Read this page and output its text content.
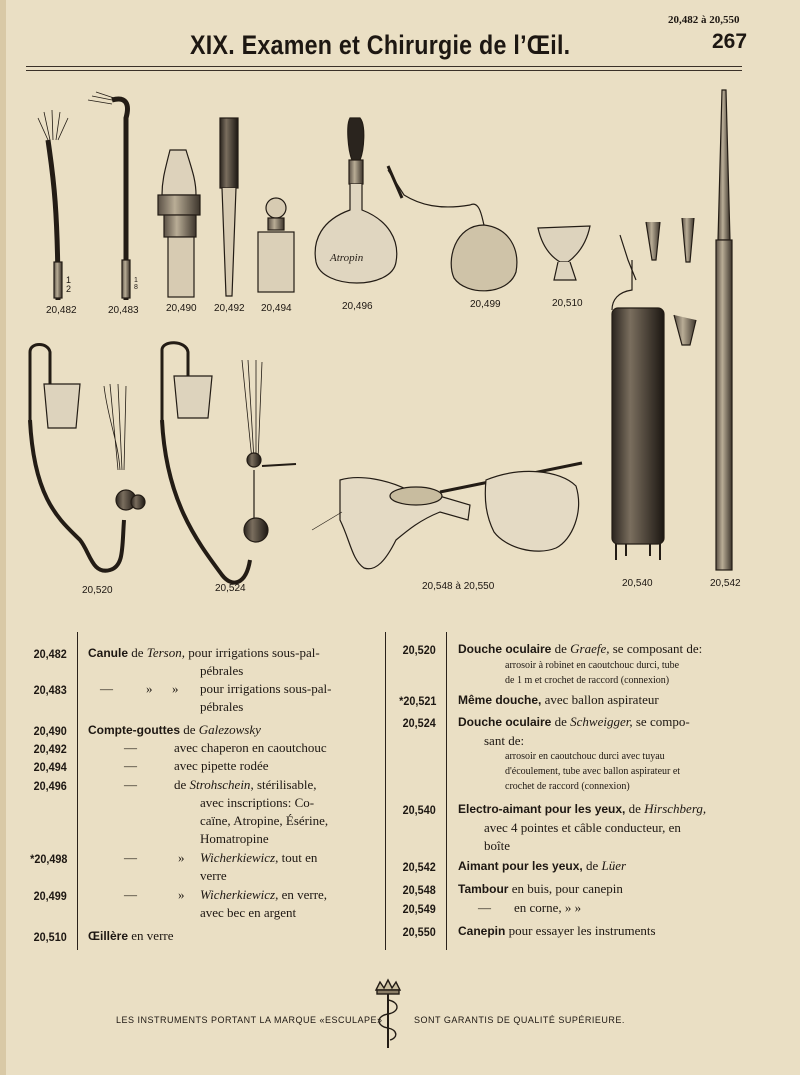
20,482 à 20,550
XIX. Examen et Chirurgie de l’Œil.	267
Atropin
20,482
1
2
20,483
1
8
20,490 20,492 20,494	20,496	20,499	20,510
20,520	20,524	20,548 à 20,550	20,540	20,542
20,482 Canule de Terson, pour irrigations sous-pal-
pébrales
20,483	—	» » pour irrigations sous-pal-
pébrales
20,490 Compte-gouttes de Galezowsky
20,492	—	avec chaperon en caoutchouc
20,494	—	avec pipette rodée
20,496	—	de Strohschein, stérilisable,
avec inscriptions: Co-
caïne, Atropine, Ésérine,
Homatropine
*20,498	—	» Wicherkiewicz, tout en
verre
20,499	—	» Wicherkiewicz, en verre,
avec bec en argent
20,510 Œillère en verre
20,520 Douche oculaire de Graefe, se composant de:
arrosoir à robinet en caoutchouc durci, tube
de 1 m et crochet de raccord (connexion)
*20,521 Même douche, avec ballon aspirateur
20,524 Douche oculaire de Schweigger, se compo-
sant de:
arrosoir en caoutchouc durci avec tuyau
d'écoulement, tube avec ballon aspirateur et
crochet de raccord (connexion)
20,540 Electro-aimant pour les yeux, de Hirschberg,
avec 4 pointes et câble conducteur, en
boîte
20,542 Aimant pour les yeux, de Lüer
20,548 Tambour en buis, pour canepin
20,549	— en corne, » »
20,550 Canepin pour essayer les instruments
LES INSTRUMENTS PORTANT LA MARQUE «ESCULAPE»	SONT GARANTIS DE QUALITÉ SUPÉRIEURE.
